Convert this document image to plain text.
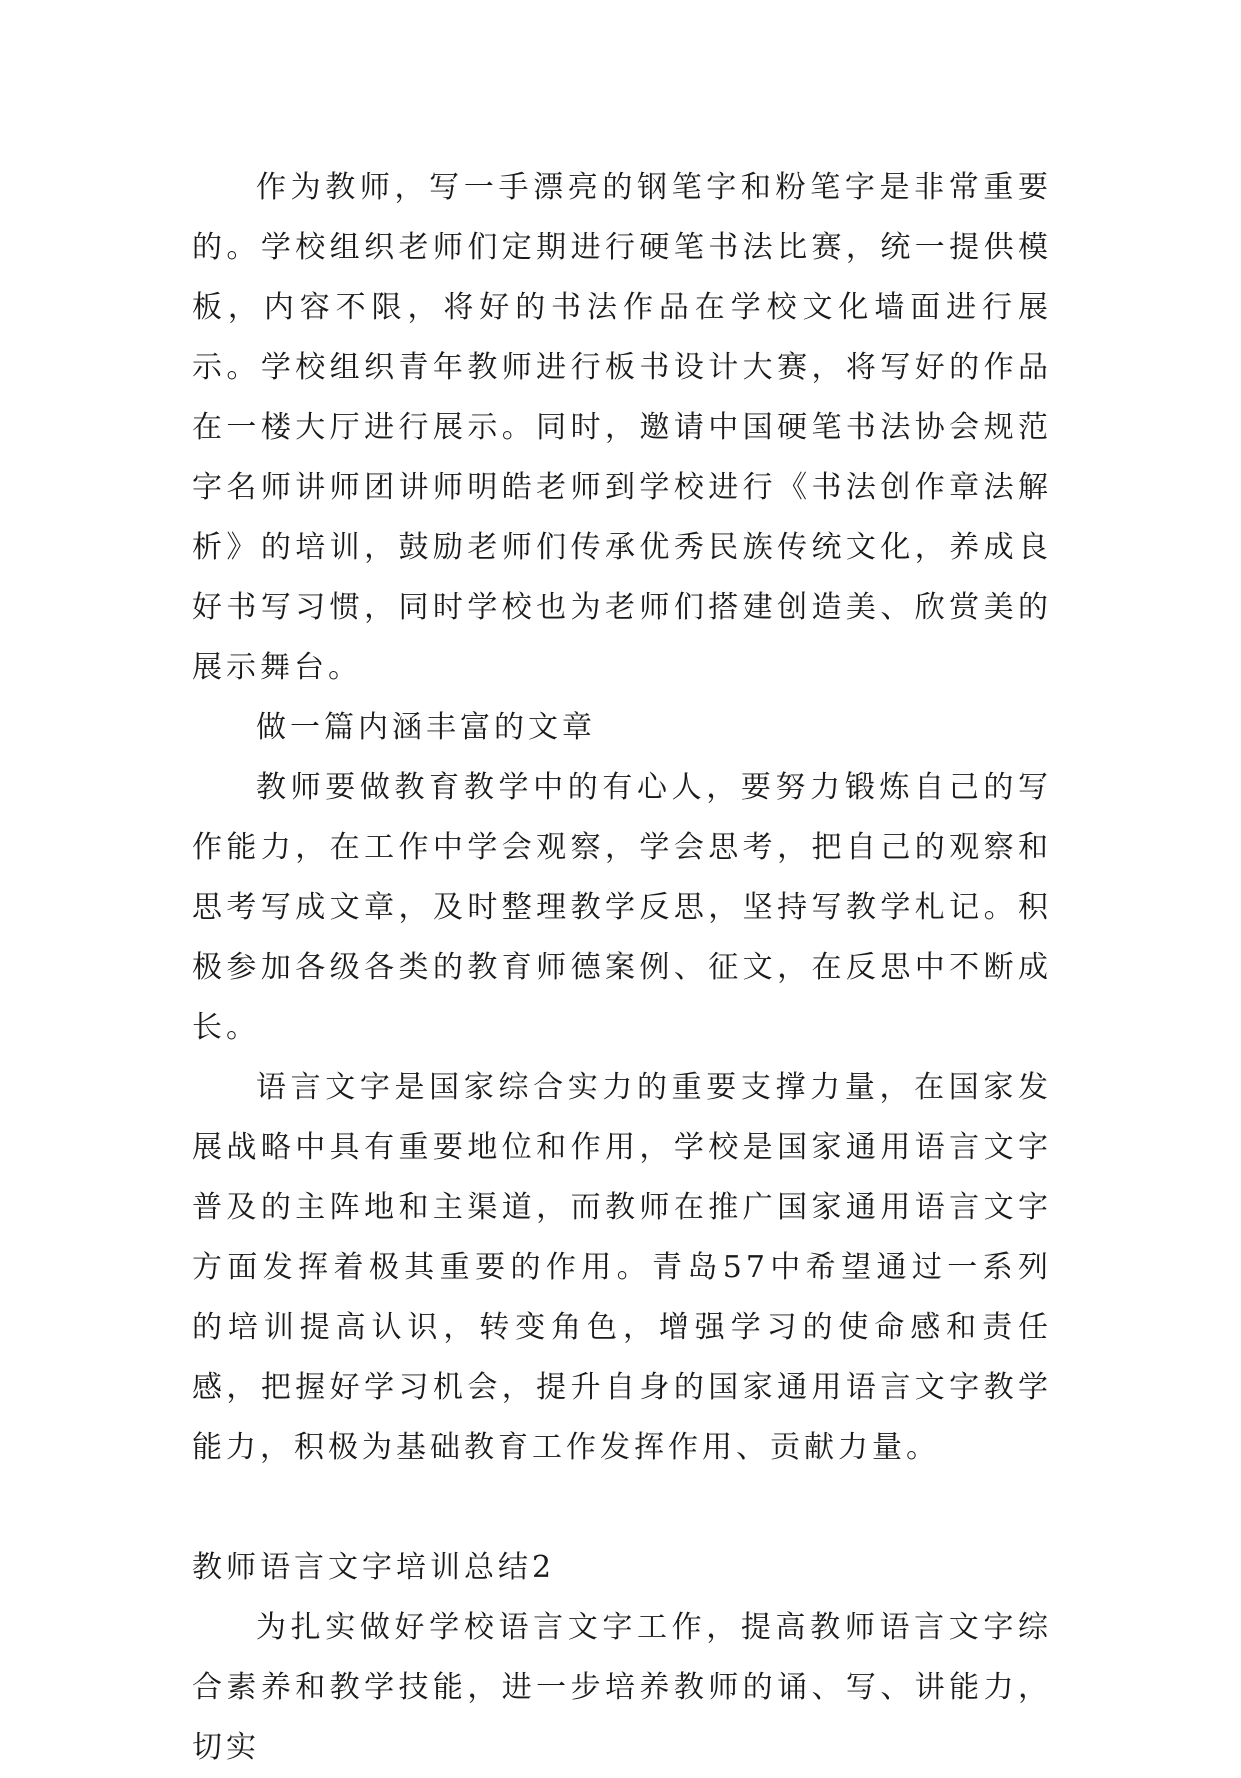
作为教师，写一手漂亮的钢笔字和粉笔字是非常重要的。学校组织老师们定期进行硬笔书法比赛，统一提供模板，内容不限，将好的书法作品在学校文化墙面进行展示。学校组织青年教师进行板书设计大赛，将写好的作品在一楼大厅进行展示。同时，邀请中国硬笔书法协会规范字名师讲师团讲师明皓老师到学校进行《书法创作章法解析》的培训，鼓励老师们传承优秀民族传统文化，养成良好书写习惯，同时学校也为老师们搭建创造美、欣赏美的展示舞台。

做一篇内涵丰富的文章

教师要做教育教学中的有心人，要努力锻炼自己的写作能力，在工作中学会观察，学会思考，把自己的观察和思考写成文章，及时整理教学反思，坚持写教学札记。积极参加各级各类的教育师德案例、征文，在反思中不断成长。

语言文字是国家综合实力的重要支撑力量，在国家发展战略中具有重要地位和作用，学校是国家通用语言文字普及的主阵地和主渠道，而教师在推广国家通用语言文字方面发挥着极其重要的作用。青岛57中希望通过一系列的培训提高认识，转变角色，增强学习的使命感和责任感，把握好学习机会，提升自身的国家通用语言文字教学能力，积极为基础教育工作发挥作用、贡献力量。

教师语言文字培训总结2

为扎实做好学校语言文字工作，提高教师语言文字综合素养和教学技能，进一步培养教师的诵、写、讲能力，切实
